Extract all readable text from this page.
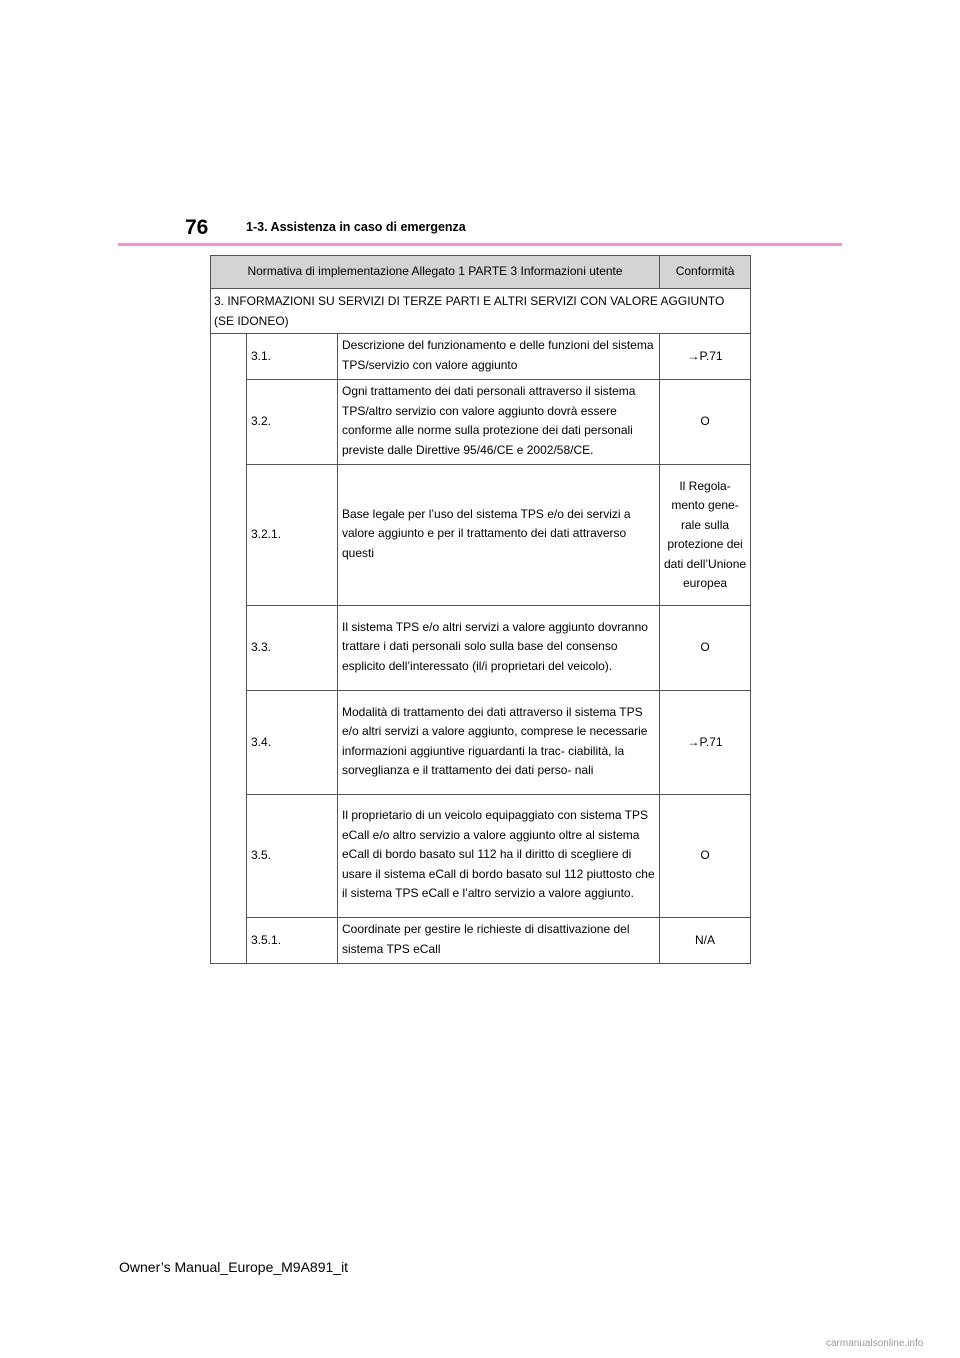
76	1-3. Assistenza in caso di emergenza
Normativa di implementazione Allegato 1 PARTE 3 Informazioni utente			Conformità
3. INFORMAZIONI SU SERVIZI DI TERZE PARTI E ALTRI SERVIZI CON VALORE AGGIUNTO (SE IDONEO)			
	3.1.	Descrizione del funzionamento e delle funzioni del sistema TPS/servizio con valore aggiunto	→P.71
	3.2.	Ogni trattamento dei dati personali attraverso il sistema TPS/altro servizio con valore aggiunto dovrà essere conforme alle norme sulla protezione dei dati personali previste dalle Direttive 95/46/CE e 2002/58/CE.	O
	3.2.1.	Base legale per l’uso del sistema TPS e/o dei servizi a valore aggiunto e per il trattamento dei dati attraverso questi	Il Regola- mento gene- rale sulla protezione dei dati dell’Unione europea
	3.3.	Il sistema TPS e/o altri servizi a valore aggiunto dovranno trattare i dati personali solo sulla base del consenso esplicito dell’interessato (il/i proprietari del veicolo).	O
	3.4.	Modalità di trattamento dei dati attraverso il sistema TPS e/o altri servizi a valore aggiunto, comprese le necessarie informazioni aggiuntive riguardanti la trac- ciabilità, la sorveglianza e il trattamento dei dati perso- nali	→P.71
	3.5.	Il proprietario di un veicolo equipaggiato con sistema TPS eCall e/o altro servizio a valore aggiunto oltre al sistema eCall di bordo basato sul 112 ha il diritto di scegliere di usare il sistema eCall di bordo basato sul 112 piuttosto che il sistema TPS eCall e l’altro servizio a valore aggiunto.	O
	3.5.1.	Coordinate per gestire le richieste di disattivazione del sistema TPS eCall	N/A
Owner’s Manual_Europe_M9A891_it
carmanualsonline.info
